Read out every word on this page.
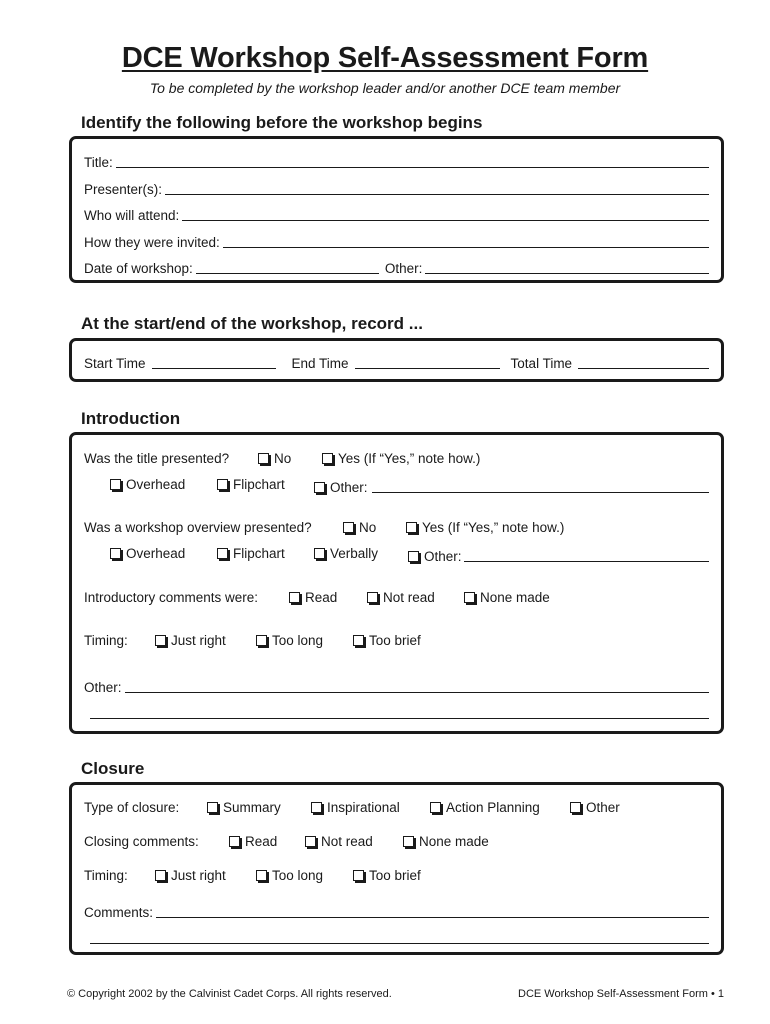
DCE Workshop Self-Assessment Form
To be completed by the workshop leader and/or another DCE team member
Identify the following before the workshop begins
Title:
Presenter(s):
Who will attend:
How they were invited:
Date of workshop:	Other:
At the start/end of the workshop, record ...
Start Time	End Time	Total Time
Introduction
Was the title presented?	No	Yes (If “Yes,” note how.)
Overhead	Flipchart	Other:
Was a workshop overview presented?	No	Yes (If “Yes,” note how.)
Overhead	Flipchart	Verbally	Other:
Introductory comments were:	Read	Not read	None made
Timing:	Just right	Too long	Too brief
Other:
Closure
Type of closure:	Summary	Inspirational	Action Planning	Other
Closing comments:	Read	Not read	None made
Timing:	Just right	Too long	Too brief
Comments:
© Copyright 2002 by the Calvinist Cadet Corps. All rights reserved.	DCE Workshop Self-Assessment Form • 1
